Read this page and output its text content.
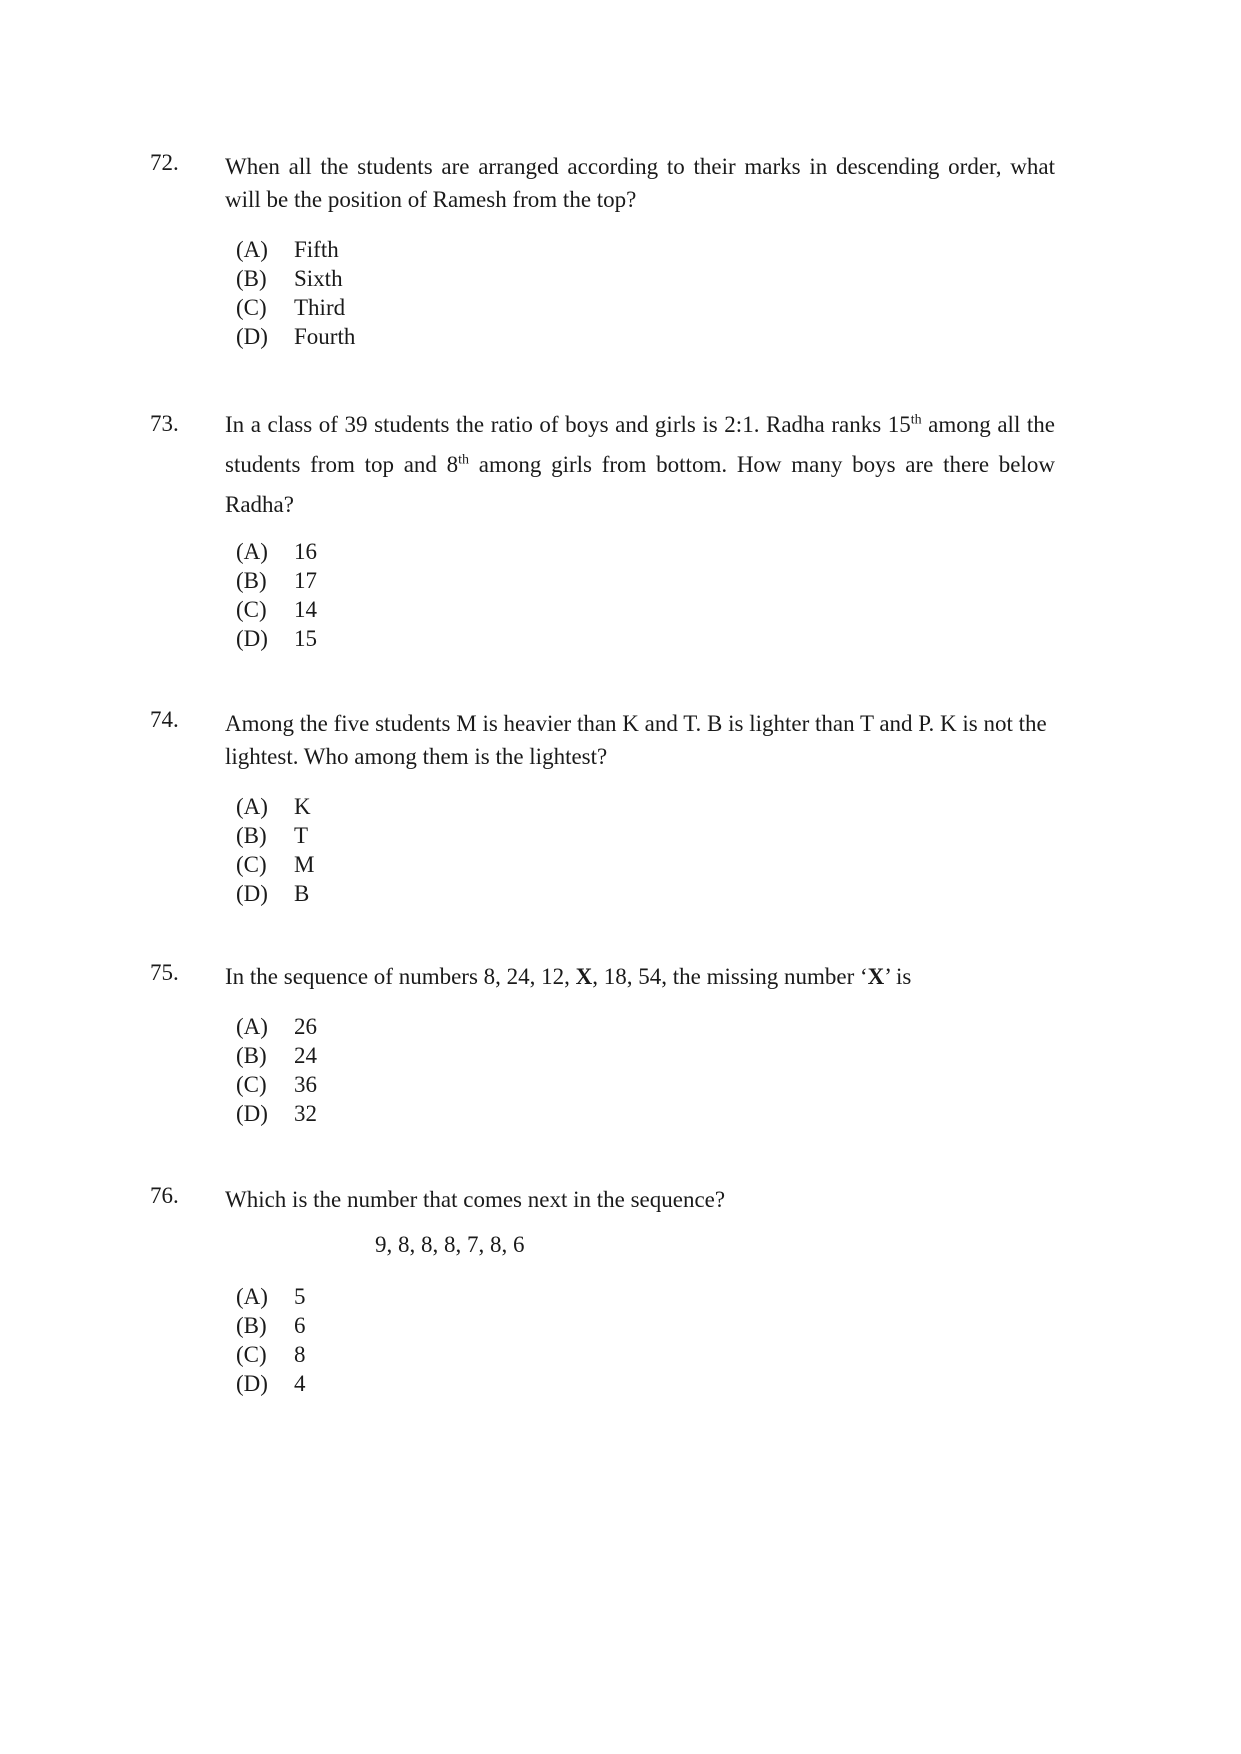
72.	When all the students are arranged according to their marks in descending order, what will be the position of Ramesh from the top?
(A) Fifth
(B) Sixth
(C) Third
(D) Fourth
73.	In a class of 39 students the ratio of boys and girls is 2:1. Radha ranks 15th among all the students from top and 8th among girls from bottom. How many boys are there below Radha?
(A) 16
(B) 17
(C) 14
(D) 15
74.	Among the five students M is heavier than K and T. B is lighter than T and P. K is not the lightest. Who among them is the lightest?
(A) K
(B) T
(C) M
(D) B
75.	In the sequence of numbers 8, 24, 12, X, 18, 54, the missing number ‘X’ is
(A) 26
(B) 24
(C) 36
(D) 32
76.	Which is the number that comes next in the sequence?
9, 8, 8, 8, 7, 8, 6
(A) 5
(B) 6
(C) 8
(D) 4
